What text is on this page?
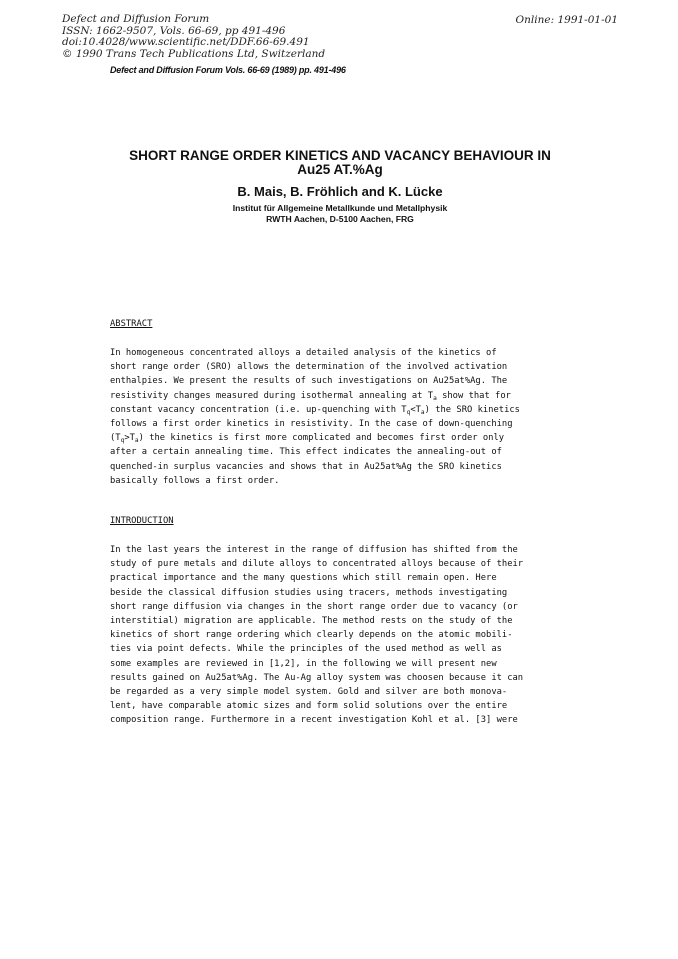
Defect and Diffusion Forum
ISSN: 1662-9507, Vols. 66-69, pp 491-496
doi:10.4028/www.scientific.net/DDF.66-69.491
© 1990 Trans Tech Publications Ltd, Switzerland
Online: 1991-01-01
Defect and Diffusion Forum Vols. 66-69 (1989) pp. 491-496
SHORT RANGE ORDER KINETICS AND VACANCY BEHAVIOUR IN
Au25 AT.%Ag
B. Mais, B. Fröhlich and K. Lücke
Institut für Allgemeine Metallkunde und Metallphysik
RWTH Aachen, D-5100 Aachen, FRG
ABSTRACT
In homogeneous concentrated alloys a detailed analysis of the kinetics of
short range order (SRO) allows the determination of the involved activation
enthalpies. We present the results of such investigations on Au25at%Ag. The
resistivity changes measured during isothermal annealing at $T_a$ show that for
constant vacancy concentration (i.e. up-quenching with $T_q<T_a$) the SRO kinetics
follows a first order kinetics in resistivity. In the case of down-quenching
$(T_q>T_a)$ the kinetics is first more complicated and becomes first order only
after a certain annealing time. This effect indicates the annealing-out of
quenched-in surplus vacancies and shows that in Au25at%Ag the SRO kinetics
basically follows a first order.
INTRODUCTION
In the last years the interest in the range of diffusion has shifted from the
study of pure metals and dilute alloys to concentrated alloys because of their
practical importance and the many questions which still remain open. Here
beside the classical diffusion studies using tracers, methods investigating
short range diffusion via changes in the short range order due to vacancy (or
interstitial) migration are applicable. The method rests on the study of the
kinetics of short range ordering which clearly depends on the atomic mobili-
ties via point defects. While the principles of the used method as well as
some examples are reviewed in [1,2], in the following we will present new
results gained on Au25at%Ag. The Au-Ag alloy system was choosen because it can
be regarded as a very simple model system. Gold and silver are both monova-
lent, have comparable atomic sizes and form solid solutions over the entire
composition range. Furthermore in a recent investigation Kohl et al. [3] were
